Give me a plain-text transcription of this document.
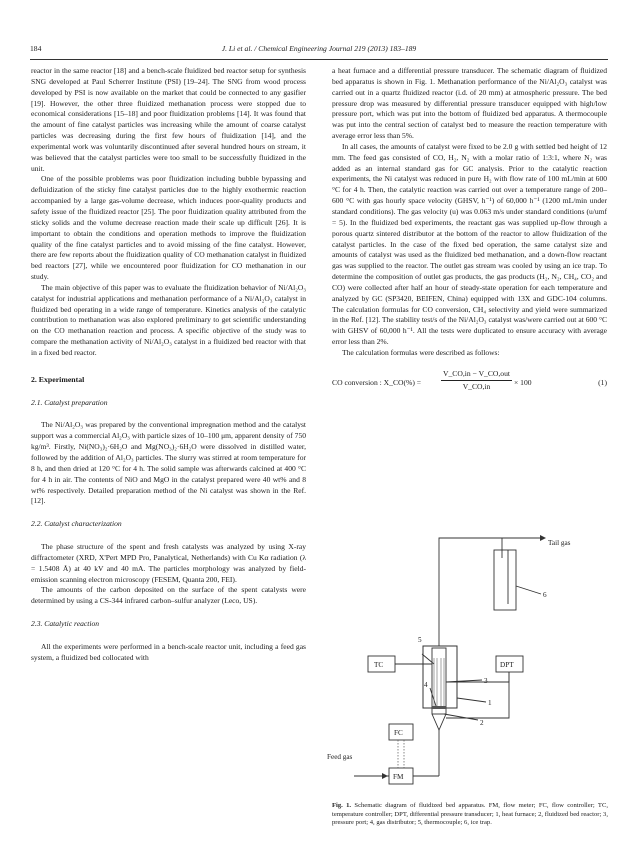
184	J. Li et al. / Chemical Engineering Journal 219 (2013) 183–189

reactor in the same reactor [18] and a bench-scale fluidized bed reactor setup for synthesis SNG developed at Paul Scherrer Institute (PSI) [19–24]. The SNG from wood process developed by PSI is now available on the market that could be connected to any gasifier [19]. However, the other three fluidized methanation process were stopped due to economical considerations [15–18] and poor fluidization problems [14]. It was found that the amount of fine catalyst particles was increasing while the amount of coarse catalyst particles was decreasing during the first few hours of fluidization [14], and the experimental work was voluntarily discontinued after several hundred hours on stream, it was believed that the catalyst particles were too small to be successfully fluidized in the unit.

One of the possible problems was poor fluidization including bubble bypassing and defluidization of the sticky fine catalyst particles due to the highly exothermic reaction accompanied by a large gas-volume decrease, which induces poor-quality products and safety issue of the fluidized reactor [25]. The poor fluidization quality attributed from the sticky solids and the volume decrease reaction made their scale up difficult [26]. It is important to obtain the conditions and operation methods to improve the fluidization quality of the fine catalyst particles and to avoid missing of the fine catalyst. However, there are few reports about the fluidization quality of CO methanation catalyst in fluidized bed reactors [27], while we encountered poor fluidization for CO methanation in our study.

The main objective of this paper was to evaluate the fluidization behavior of Ni/Al₂O₃ catalyst for industrial applications and methanation performance of a Ni/Al₂O₃ catalyst in fluidized bed operating in a wide range of temperature. Kinetics analysis of the catalytic contribution to methanation was also explored preliminary to get scientific understanding on the CO methanation reaction and process. A specific objective of the study was to compare the methanation activity of Ni/Al₂O₃ catalyst in a fluidized bed reactor with that in a fixed bed reactor.

2. Experimental
2.1. Catalyst preparation

The Ni/Al₂O₃ was prepared by the conventional impregnation method and the catalyst support was a commercial Al₂O₃ with particle sizes of 10–100 μm, apparent density of 750 kg/m³. Firstly, Ni(NO₃)₂·6H₂O and Mg(NO₃)₂·6H₂O were dissolved in distilled water, followed by the addition of Al₂O₃ particles. The slurry was stirred at room temperature for 8 h, and then dried at 120 °C for 4 h. The solid sample was afterwards calcined at 400 °C for 4 h in air. The contents of NiO and MgO in the catalyst prepared were 40 wt% and 8 wt% respectively. Detailed preparation method of the Ni catalyst was shown in the Ref. [12].

2.2. Catalyst characterization

The phase structure of the spent and fresh catalysts was analyzed by using X-ray diffractometer (XRD, X'Pert MPD Pro, Panalytical, Netherlands) with Cu Kα radiation (λ = 1.5408 Å) at 40 kV and 40 mA. The particles morphology was analyzed by field-emission scanning electron microscopy (FESEM, Quanta 200, FEI).

The amounts of the carbon deposited on the surface of the spent catalysts were determined by using a CS-344 infrared carbon–sulfur analyzer (Leco, US).

2.3. Catalytic reaction

All the experiments were performed in a bench-scale reactor unit, including a feed gas system, a fluidized bed collocated with

a heat furnace and a differential pressure transducer. The schematic diagram of fluidized bed apparatus is shown in Fig. 1. Methanation performance of the Ni/Al₂O₃ catalyst was carried out in a quartz fluidized reactor (i.d. of 20 mm) at atmospheric pressure. The bed pressure drop was measured by differential pressure transducer equipped with high/low pressure port, which was put into the bottom of fluidized bed apparatus. A thermocouple was put into the central section of catalyst bed to measure the reaction temperature with average error less than 5%.

In all cases, the amounts of catalyst were fixed to be 2.0 g with settled bed height of 12 mm. The feed gas consisted of CO, H₂, N₂ with a molar ratio of 1:3:1, where N₂ was added as an internal standard gas for GC analysis. Prior to the catalytic reaction experiments, the Ni catalyst was reduced in pure H₂ with flow rate of 100 mL/min at 600 °C for 4 h. Then, the catalytic reaction was carried out over a temperature range of 200–600 °C with gas hourly space velocity (GHSV, h⁻¹) of 60,000 h⁻¹ (1200 mL/min under standard conditions). The gas velocity (u) was 0.063 m/s under standard conditions (u/umf = 5). In the fluidized bed experiments, the reactant gas was supplied up-flow through a porous quartz sintered distributor at the bottom of the reactor to allow fluidization of the catalyst particles. In the case of the fixed bed operation, the same catalyst size and amounts of catalyst was used as the fluidized bed methanation, and a down-flow reactant gas was supplied to the reactor. The outlet gas stream was cooled by using an ice trap. To determine the composition of outlet gas products, the gas products (H₂, N₂, CH₄, CO₂ and CO) were collected after half an hour of steady-state operation for each temperature and analyzed by GC (SP3420, BEIFEN, China) equipped with 13X and GDC-104 columns. The calculation formulas for CO conversion, CH₄ selectivity and yield were summarized in the Ref. [12]. The stability test/s of the Ni/Al₂O₃ catalyst was/were carried out at 600 °C with GHSV of 60,000 h⁻¹. All the tests were duplicated to ensure accuracy with average error less than 2%.

The calculation formulas were described as follows:

CO conversion : X_CO(%) =
V_CO,in − V_CO,out
V_CO,in	× 100	(1)
Tail gas
Feed gas
TC	DPT
FC
FM
1
2
3
4
5
6
Fig. 1. Schematic diagram of fluidized bed apparatus. FM, flow meter; FC, flow controller; TC, temperature controller; DPT, differential pressure transducer; 1, heat furnace; 2, fluidized bed reactor; 3, pressure port; 4, gas distributor; 5, thermocouple; 6, ice trap.
